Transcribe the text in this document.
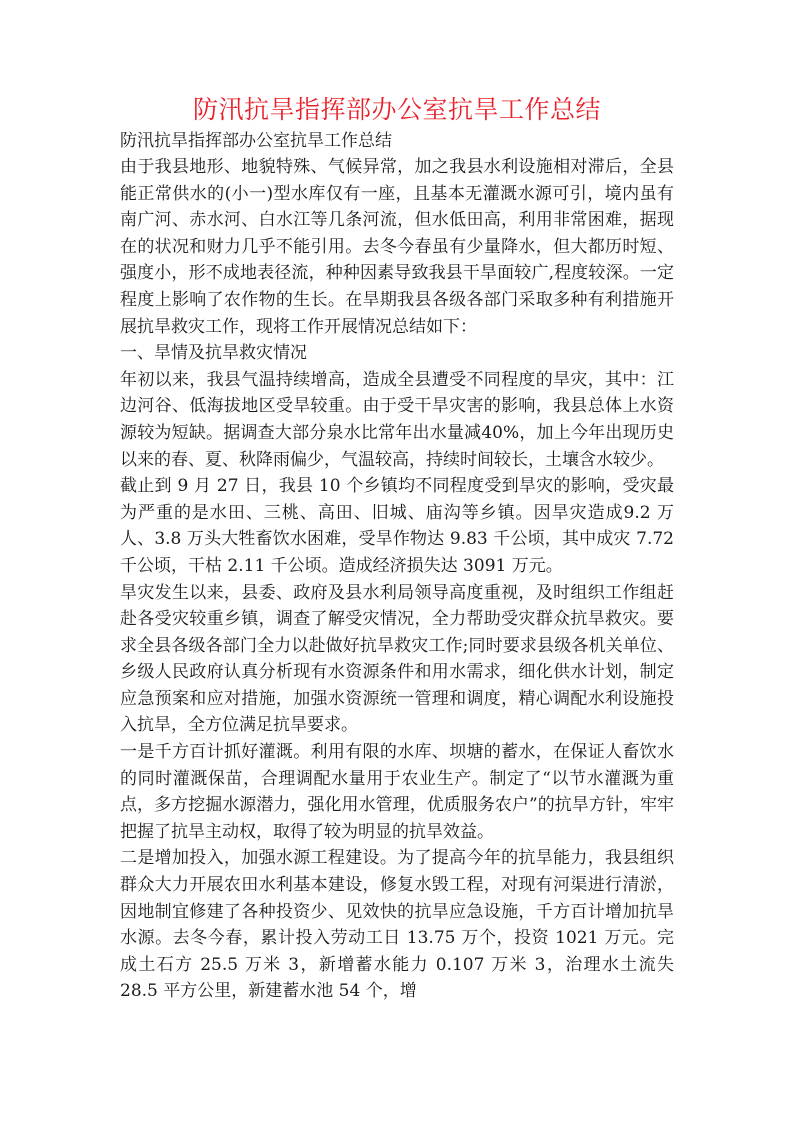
防汛抗旱指挥部办公室抗旱工作总结

防汛抗旱指挥部办公室抗旱工作总结

由于我县地形、地貌特殊、气候异常，加之我县水利设施相对滞后，全县能正常供水的(小一)型水库仅有一座，且基本无灌溉水源可引，境内虽有南广河、赤水河、白水江等几条河流，但水低田高，利用非常困难，据现在的状况和财力几乎不能引用。去冬今春虽有少量降水，但大都历时短、强度小，形不成地表径流，种种因素导致我县干旱面较广,程度较深。一定程度上影响了农作物的生长。在旱期我县各级各部门采取多种有利措施开展抗旱救灾工作，现将工作开展情况总结如下：

一、旱情及抗旱救灾情况

年初以来，我县气温持续增高，造成全县遭受不同程度的旱灾，其中：江边河谷、低海拔地区受旱较重。由于受干旱灾害的影响，我县总体上水资源较为短缺。据调查大部分泉水比常年出水量减40%，加上今年出现历史以来的春、夏、秋降雨偏少，气温较高，持续时间较长，土壤含水较少。

截止到 9 月 27 日，我县 10 个乡镇均不同程度受到旱灾的影响，受灾最为严重的是水田、三桃、高田、旧城、庙沟等乡镇。因旱灾造成9.2 万人、3.8 万头大牲畜饮水困难，受旱作物达 9.83 千公顷，其中成灾 7.72 千公顷，干枯 2.11 千公顷。造成经济损失达 3091 万元。

旱灾发生以来，县委、政府及县水利局领导高度重视，及时组织工作组赶赴各受灾较重乡镇，调查了解受灾情况，全力帮助受灾群众抗旱救灾。要求全县各级各部门全力以赴做好抗旱救灾工作;同时要求县级各机关单位、乡级人民政府认真分析现有水资源条件和用水需求，细化供水计划，制定应急预案和应对措施，加强水资源统一管理和调度，精心调配水利设施投入抗旱，全方位满足抗旱要求。

一是千方百计抓好灌溉。利用有限的水库、坝塘的蓄水，在保证人畜饮水的同时灌溉保苗，合理调配水量用于农业生产。制定了“以节水灌溉为重点，多方挖掘水源潜力，强化用水管理，优质服务农户”的抗旱方针，牢牢把握了抗旱主动权，取得了较为明显的抗旱效益。

二是增加投入，加强水源工程建设。为了提高今年的抗旱能力，我县组织群众大力开展农田水利基本建设，修复水毁工程，对现有河渠进行清淤，因地制宜修建了各种投资少、见效快的抗旱应急设施，千方百计增加抗旱水源。去冬今春，累计投入劳动工日 13.75 万个，投资 1021 万元。完成土石方 25.5 万米 3，新增蓄水能力 0.107 万米 3，治理水土流失 28.5 平方公里，新建蓄水池 54 个，增
